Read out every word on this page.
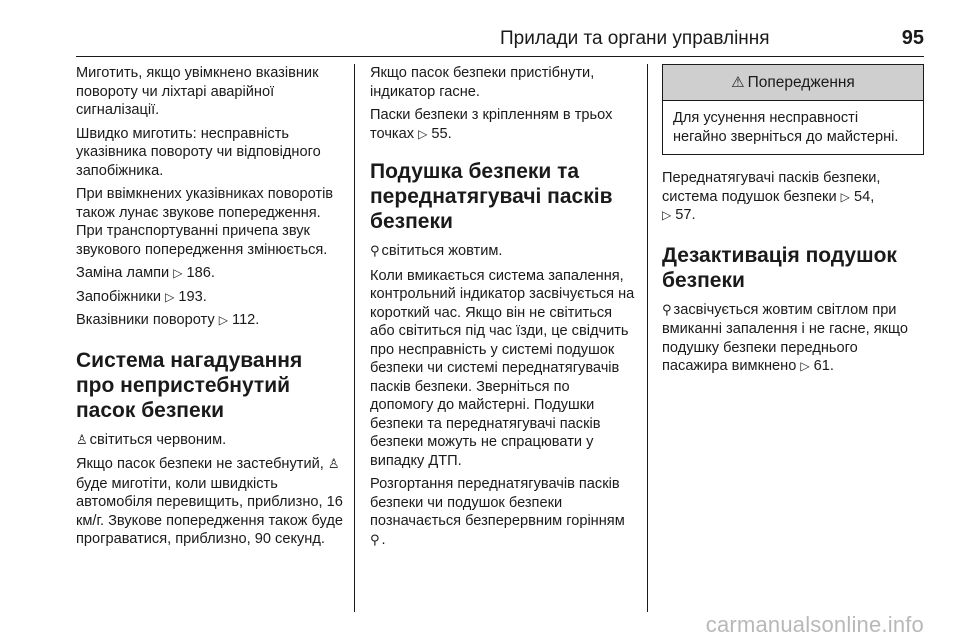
Прилади та органи управління	95

Миготить, якщо увімкнено вказівник повороту чи ліхтарі аварійної сигналізації.

Швидко миготить: несправність указівника повороту чи відповідного запобіжника.

При ввімкнених указівниках поворотів також лунає звукове попередження. При транспортуванні причепа звук звукового попередження змінюється.

Заміна лампи ▷ 186.

Запобіжники ▷ 193.

Вказівники повороту ▷ 112.

Система нагадування про непристебнутий пасок безпеки

♙ світиться червоним.

Якщо пасок безпеки не застебнутий, ♙буде миготіти, коли швидкість автомобіля перевищить, приблизно, 16 км/г. Звукове попередження також буде програватися, приблизно, 90 секунд.

Якщо пасок безпеки пристібнути, індикатор гасне.

Паски безпеки з кріпленням в трьох точках ▷ 55.

Подушка безпеки та переднатягувачі пасків безпеки

⚲ світиться жовтим.

Коли вмикається система запалення, контрольний індикатор засвічується на короткий час. Якщо він не світиться або світиться під час їзди, це свідчить про несправність у системі подушок безпеки чи системі переднатягувачів пасків безпеки. Зверніться по допомогу до майстерні. Подушки безпеки та переднатягувачі пасків безпеки можуть не спрацювати у випадку ДТП.

Розгортання переднатягувачів пасків безпеки чи подушок безпеки позначається безперервним горінням ⚲ .

⚠ Попередження

Для усунення несправності негайно зверніться до майстерні.

Переднатягувачі пасків безпеки, система подушок безпеки ▷ 54,
▷ 57.

Дезактивація подушок безпеки

⚲ засвічується жовтим світлом при вмиканні запалення і не гасне, якщо подушку безпеки переднього пасажира вимкнено ▷ 61.

carmanualsonline.info
